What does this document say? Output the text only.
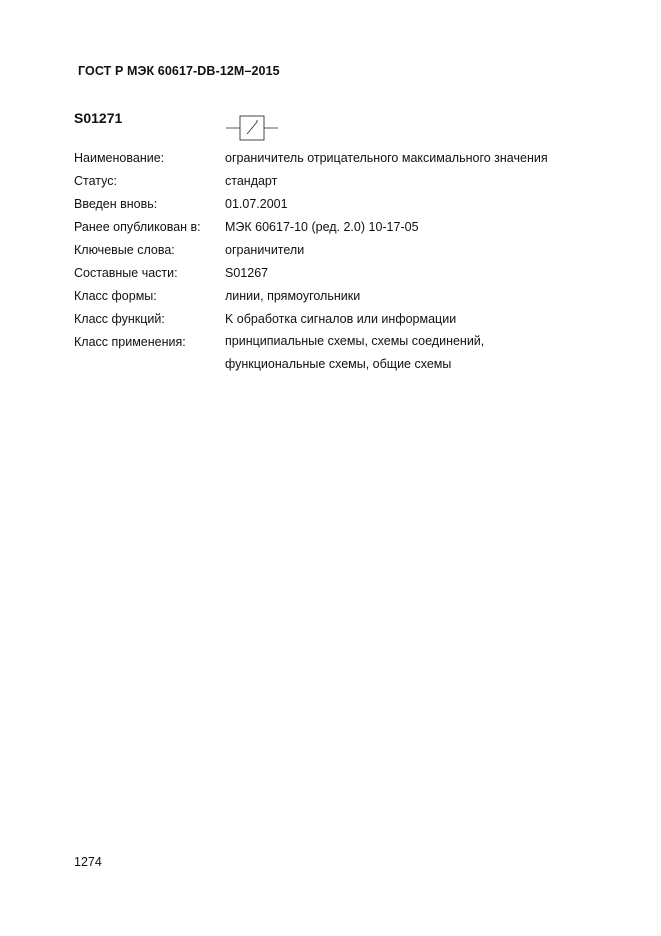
ГОСТ Р МЭК 60617-DB-12M–2015
S01271
Наименование:	ограничитель отрицательного максимального значения
Статус:	стандарт
Введен вновь:	01.07.2001
Ранее опубликован в: МЭК 60617-10 (ред. 2.0) 10-17-05
Ключевые слова:	ограничители
Составные части:	S01267
Класс формы:	линии, прямоугольники
Класс функций:	K обработка сигналов или информации
Класс применения:	принципиальные схемы, схемы соединений,
функциональные схемы, общие схемы
1274
